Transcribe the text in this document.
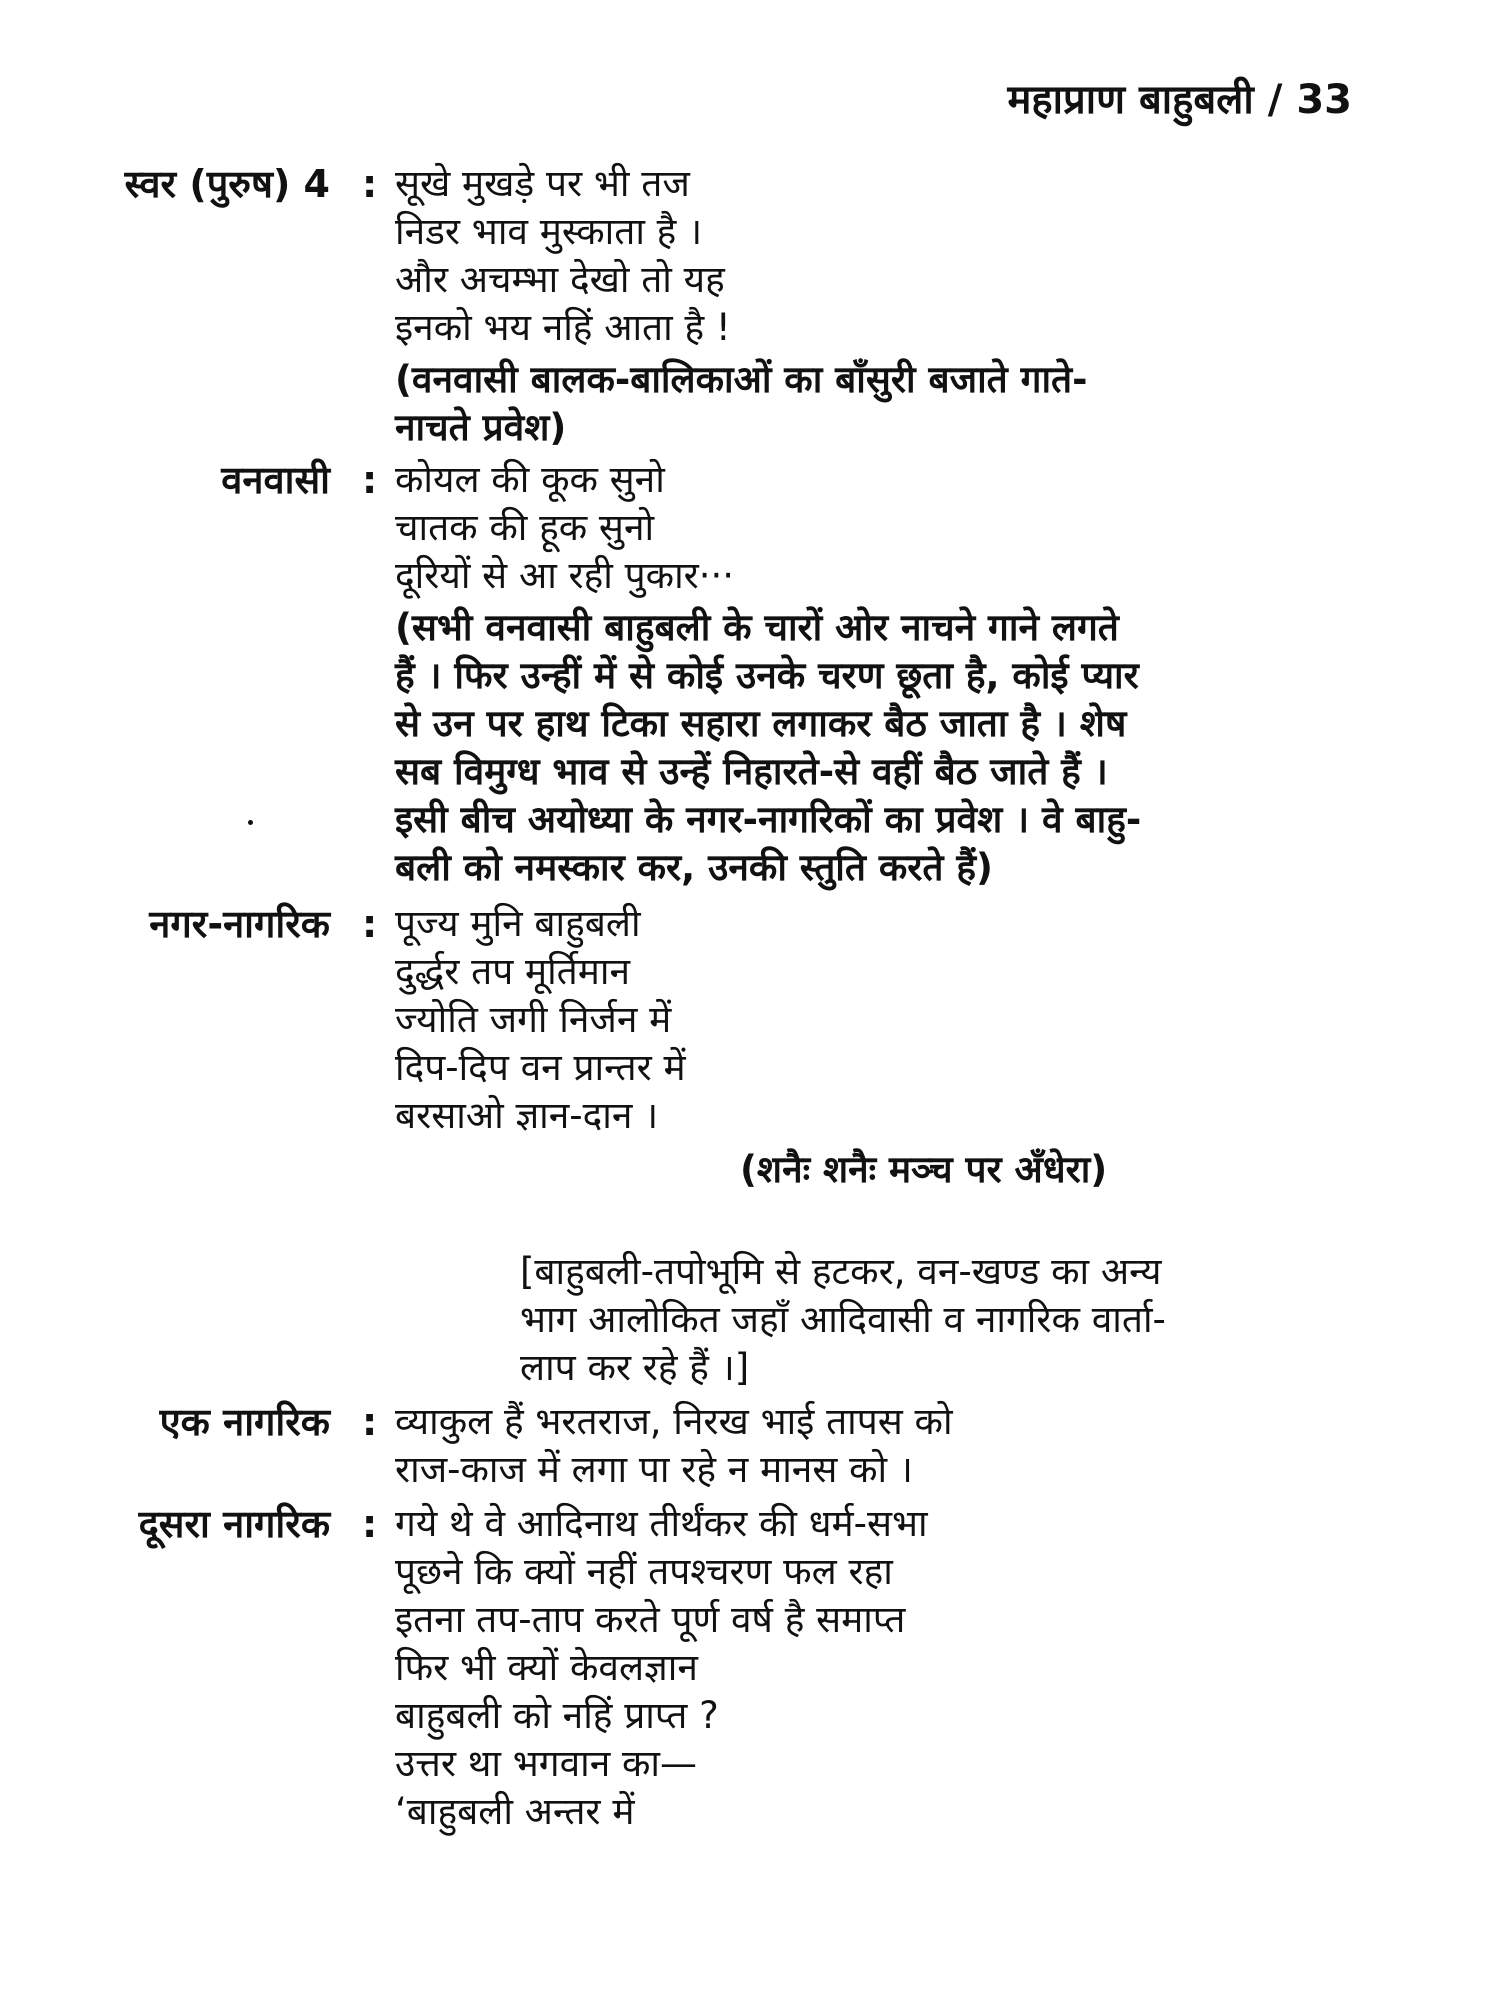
महाप्राण बाहुबली / 33
स्वर (पुरुष) 4 : सूखे मुखड़े पर भी तज
निडर भाव मुस्काता है ।
और अचम्भा देखो तो यह
इनको भय नहिं आता है !
(वनवासी बालक-बालिकाओं का बाँसुरी बजाते गाते-
नाचते प्रवेश)
वनवासी : कोयल की कूक सुनो
चातक की हूक सुनो
दूरियों से आ रही पुकार···
(सभी वनवासी बाहुबली के चारों ओर नाचने गाने लगते
हैं । फिर उन्हीं में से कोई उनके चरण छूता है, कोई प्यार
से उन पर हाथ टिका सहारा लगाकर बैठ जाता है । शेष
सब विमुग्ध भाव से उन्हें निहारते-से वहीं बैठ जाते हैं ।
इसी बीच अयोध्या के नगर-नागरिकों का प्रवेश । वे बाहु-
बली को नमस्कार कर, उनकी स्तुति करते हैं)
नगर-नागरिक : पूज्य मुनि बाहुबली
दुर्द्धर तप मूर्तिमान
ज्योति जगी निर्जन में
दिप-दिप वन प्रान्तर में
बरसाओ ज्ञान-दान ।
(शनैः शनैः मञ्च पर अँधेरा)
[बाहुबली-तपोभूमि से हटकर, वन-खण्ड का अन्य
भाग आलोकित जहाँ आदिवासी व नागरिक वार्ता-
लाप कर रहे हैं ।]
एक नागरिक : व्याकुल हैं भरतराज, निरख भाई तापस को
राज-काज में लगा पा रहे न मानस को ।
दूसरा नागरिक : गये थे वे आदिनाथ तीर्थंकर की धर्म-सभा
पूछने कि क्यों नहीं तपश्चरण फल रहा
इतना तप-ताप करते पूर्ण वर्ष है समाप्त
फिर भी क्यों केवलज्ञान
बाहुबली को नहिं प्राप्त ?
उत्तर था भगवान का—
‘बाहुबली अन्तर में
